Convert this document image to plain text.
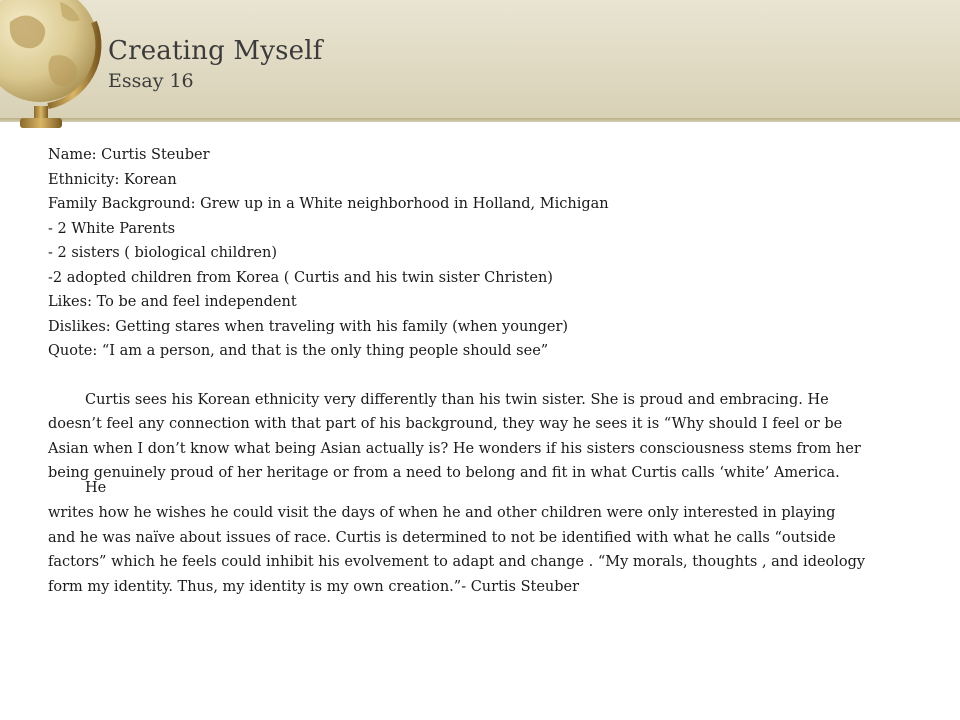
Creating Myself
Essay 16

Name: Curtis Steuber

Ethnicity: Korean

Family Background: Grew up in a White neighborhood in Holland, Michigan

- 2 White Parents

- 2 sisters ( biological children)

-2 adopted children from Korea ( Curtis and his twin sister Christen)

Likes: To be and feel independent

Dislikes: Getting stares when traveling with his family (when younger)

Quote: “I am a person, and that is the only thing people should see”

Curtis sees his Korean ethnicity very differently than his twin sister. She is proud and embracing. He

doesn’t feel any connection with that part of his background, they way he sees it is “Why should I feel or be

Asian when I don’t know what being Asian actually is? He wonders if his sisters consciousness stems from her

being genuinely proud of her heritage or from a need to belong and fit in what Curtis calls ‘white’ America.

He

writes how he wishes he could visit the days of when he and other children were only interested in playing

and he was naïve about issues of race. Curtis is determined to not be identified with what he calls “outside

factors” which he feels could inhibit his evolvement to adapt and change . “My morals, thoughts , and ideology

form my identity. Thus, my identity is my own creation.”- Curtis Steuber
